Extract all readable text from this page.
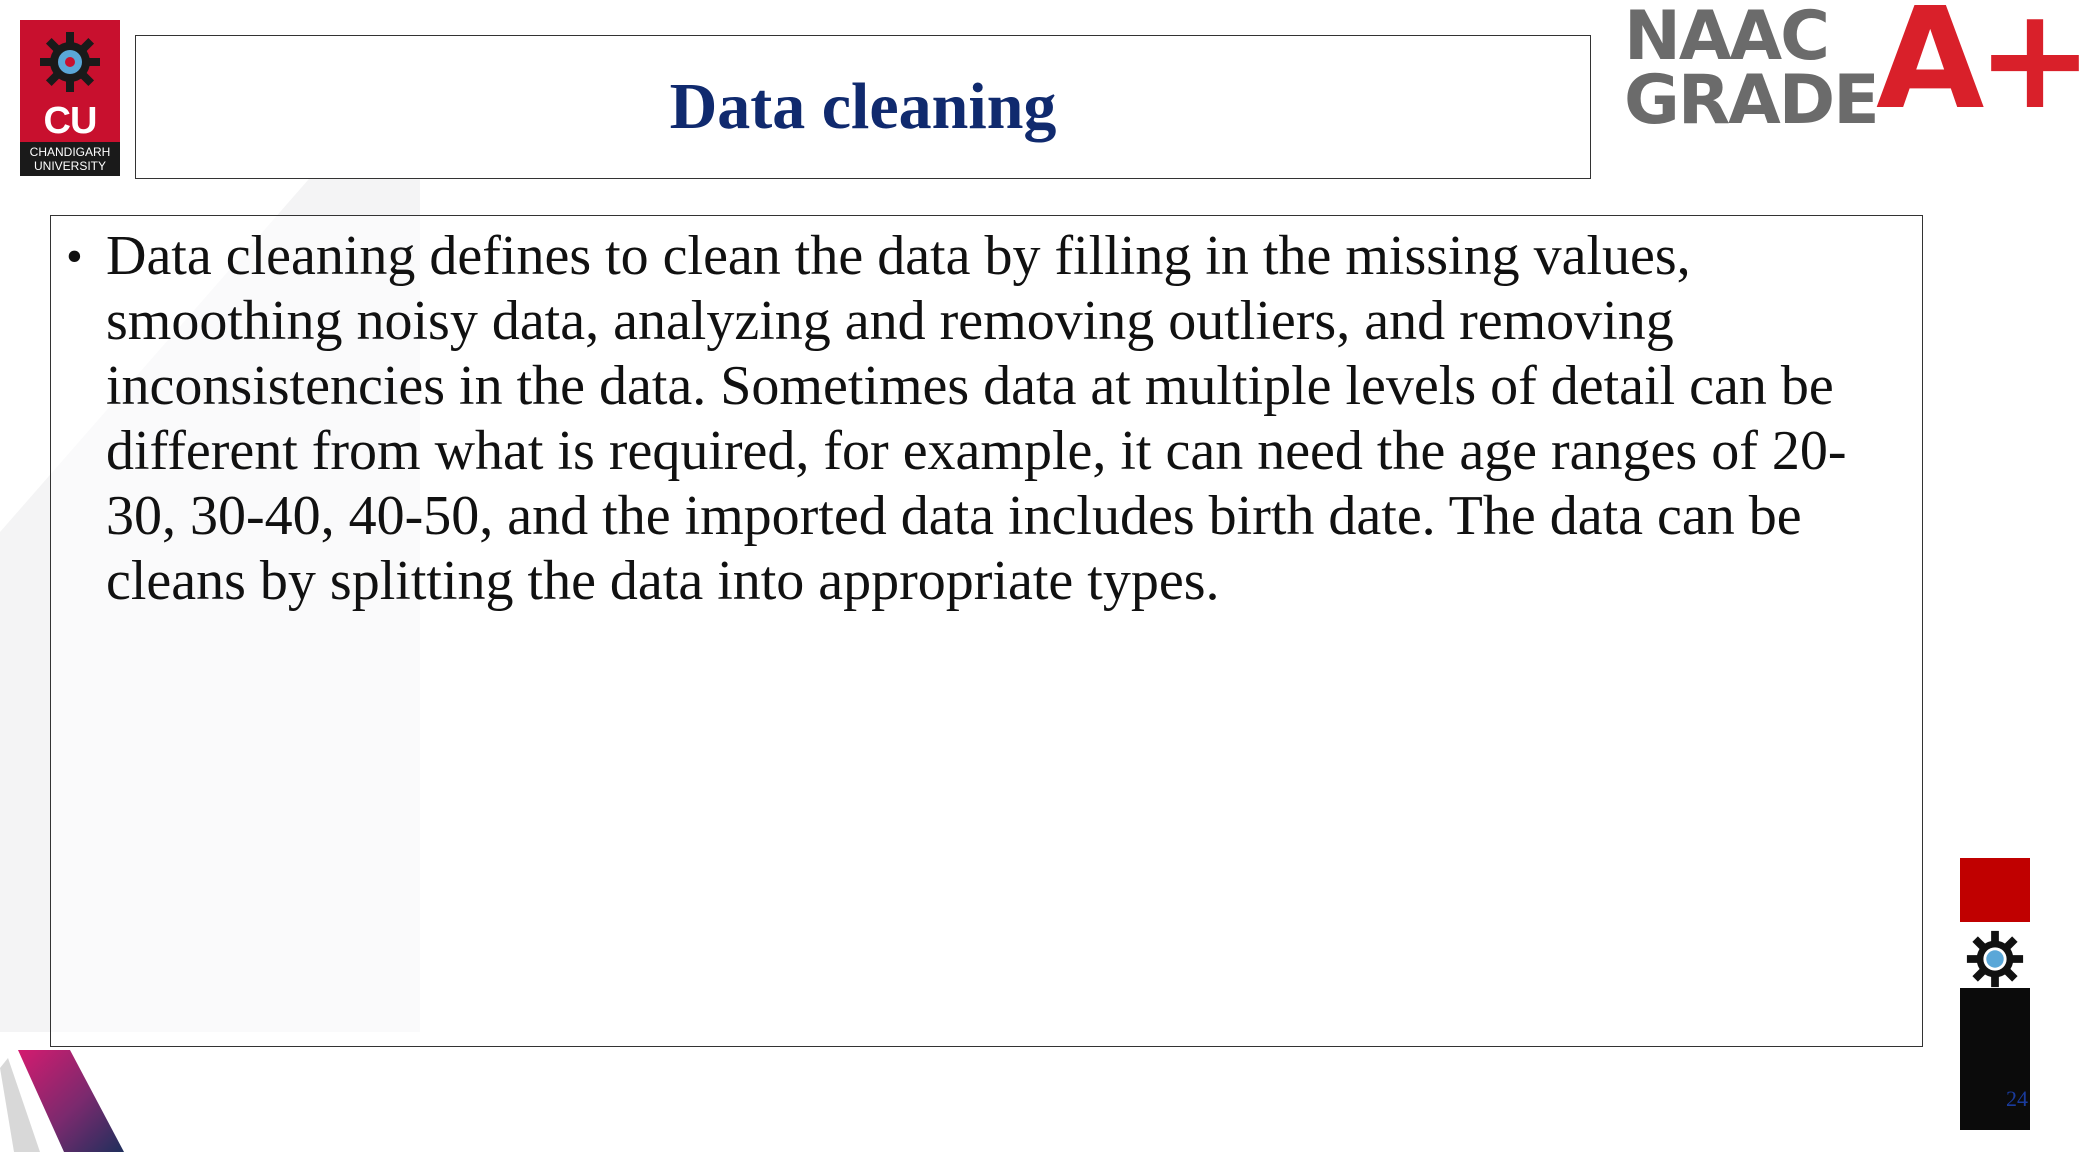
CU
CHANDIGARH
UNIVERSITY
Data cleaning
NAAC
GRADE
A+
• Data cleaning defines to clean the data by filling in the missing values, smoothing noisy data, analyzing and removing outliers, and removing inconsistencies in the data. Sometimes data at multiple levels of detail can be different from what is required, for example, it can need the age ranges of 20-30, 30-40, 40-50, and the imported data includes birth date. The data can be cleans by splitting the data into appropriate types.
24
